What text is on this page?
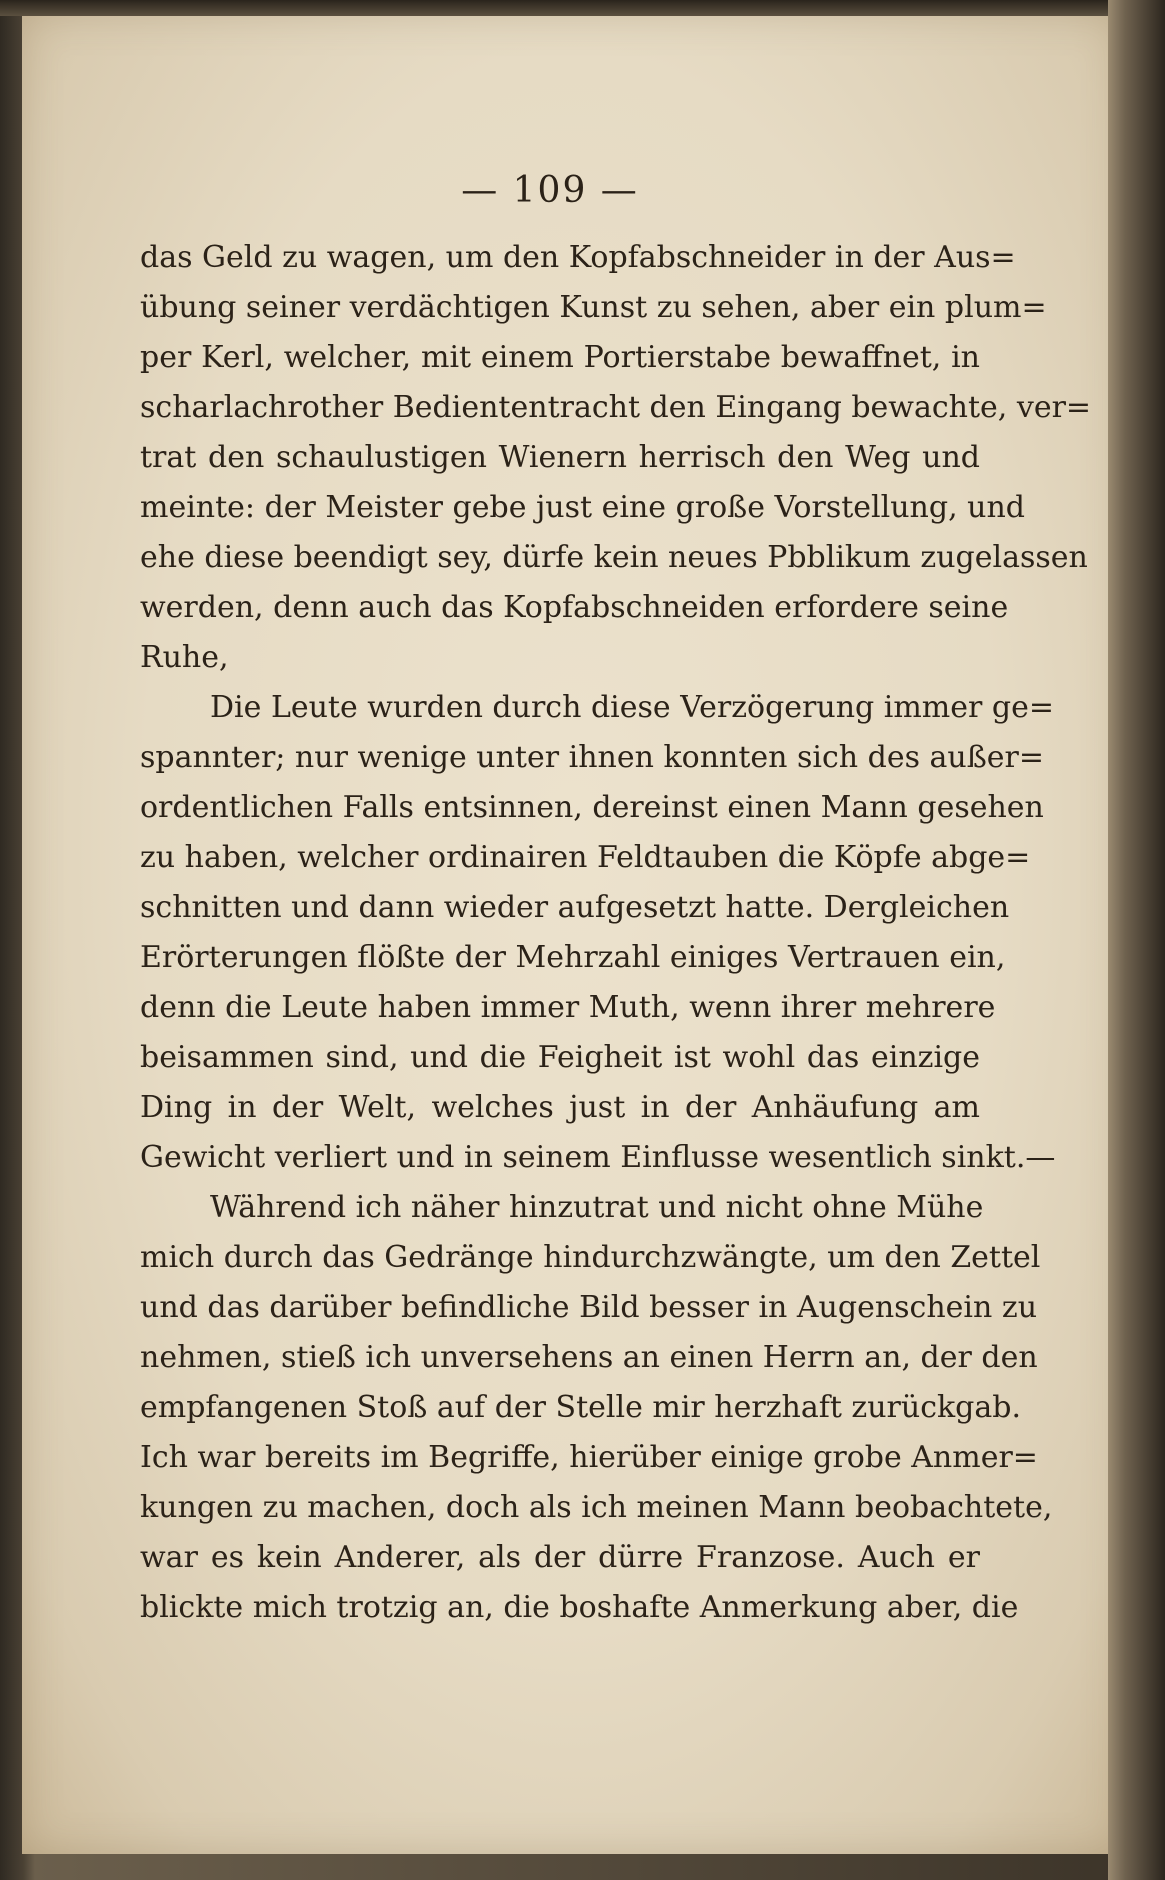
— 109 —
das Geld zu wagen, um den Kopfabschneider in der Aus=
übung seiner verdächtigen Kunst zu sehen, aber ein plum=
per Kerl, welcher, mit einem Portierstabe bewaffnet, in
scharlachrother Bediententracht den Eingang bewachte, ver=
trat den schaulustigen Wienern herrisch den Weg und
meinte: der Meister gebe just eine große Vorstellung, und
ehe diese beendigt sey, dürfe kein neues Pbblikum zugelassen
werden, denn auch das Kopfabschneiden erfordere seine
Ruhe,
Die Leute wurden durch diese Verzögerung immer ge=
spannter; nur wenige unter ihnen konnten sich des außer=
ordentlichen Falls entsinnen, dereinst einen Mann gesehen
zu haben, welcher ordinairen Feldtauben die Köpfe abge=
schnitten und dann wieder aufgesetzt hatte. Dergleichen
Erörterungen flößte der Mehrzahl einiges Vertrauen ein,
denn die Leute haben immer Muth, wenn ihrer mehrere
beisammen sind, und die Feigheit ist wohl das einzige
Ding in der Welt, welches just in der Anhäufung am
Gewicht verliert und in seinem Einflusse wesentlich sinkt.—
Während ich näher hinzutrat und nicht ohne Mühe
mich durch das Gedränge hindurchzwängte, um den Zettel
und das darüber befindliche Bild besser in Augenschein zu
nehmen, stieß ich unversehens an einen Herrn an, der den
empfangenen Stoß auf der Stelle mir herzhaft zurückgab.
Ich war bereits im Begriffe, hierüber einige grobe Anmer=
kungen zu machen, doch als ich meinen Mann beobachtete,
war es kein Anderer, als der dürre Franzose. Auch er
blickte mich trotzig an, die boshafte Anmerkung aber, die
